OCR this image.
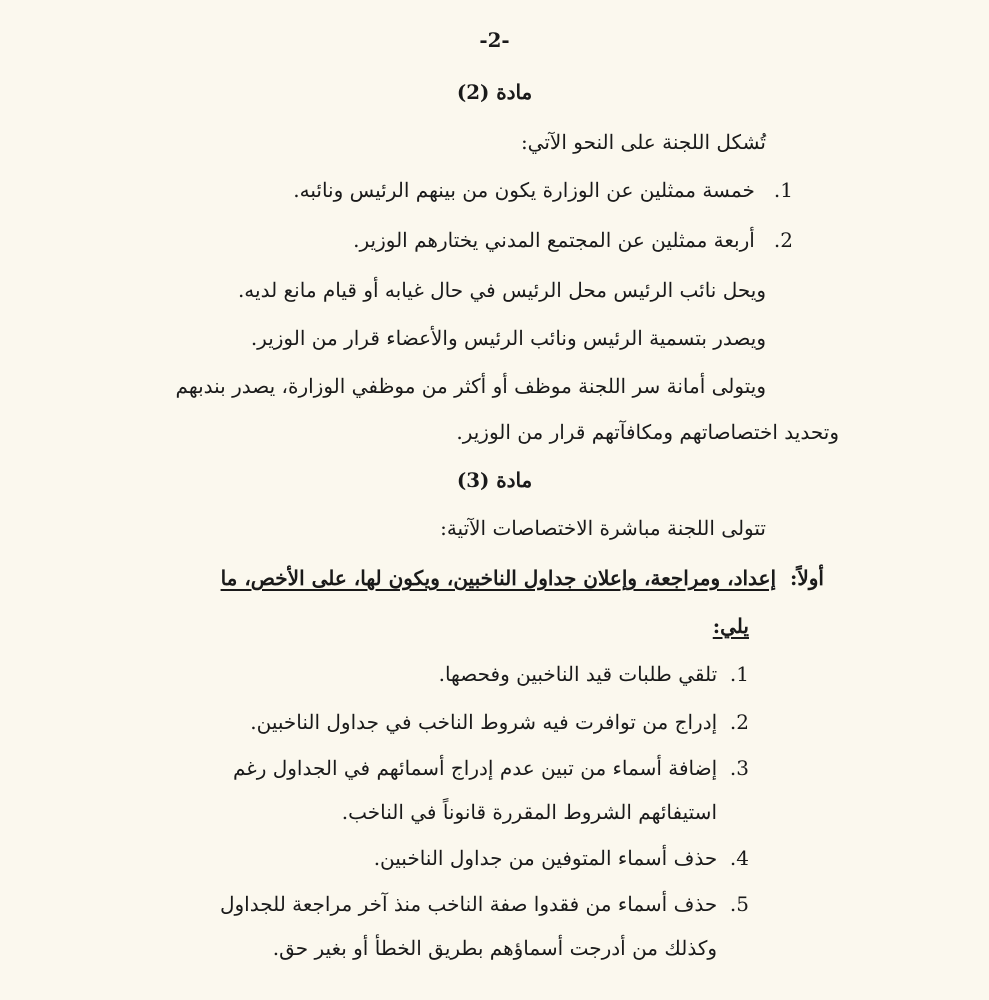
-2-
مادة (2)
تُشكل اللجنة على النحو الآتي:
1.   خمسة ممثلين عن الوزارة يكون من بينهم الرئيس ونائبه.
2.   أربعة ممثلين عن المجتمع المدني يختارهم الوزير.
ويحل نائب الرئيس محل الرئيس في حال غيابه أو قيام مانع لديه.
ويصدر بتسمية الرئيس ونائب الرئيس والأعضاء قرار من الوزير.
ويتولى أمانة سر اللجنة موظف أو أكثر من موظفي الوزارة، يصدر بندبهم
وتحديد اختصاصاتهم ومكافآتهم قرار من الوزير.
مادة (3)
تتولى اللجنة مباشرة الاختصاصات الآتية:
أولاً:  إعداد، ومراجعة، وإعلان جداول الناخبين، ويكون لها، على الأخص، ما
يلي:
1.  تلقي طلبات قيد الناخبين وفحصها.
2.  إدراج من توافرت فيه شروط الناخب في جداول الناخبين.
3.  إضافة أسماء من تبين عدم إدراج أسمائهم في الجداول رغم
استيفائهم الشروط المقررة قانوناً في الناخب.
4.  حذف أسماء المتوفين من جداول الناخبين.
5.  حذف أسماء من فقدوا صفة الناخب منذ آخر مراجعة للجداول
وكذلك من أدرجت أسماؤهم بطريق الخطأ أو بغير حق.
